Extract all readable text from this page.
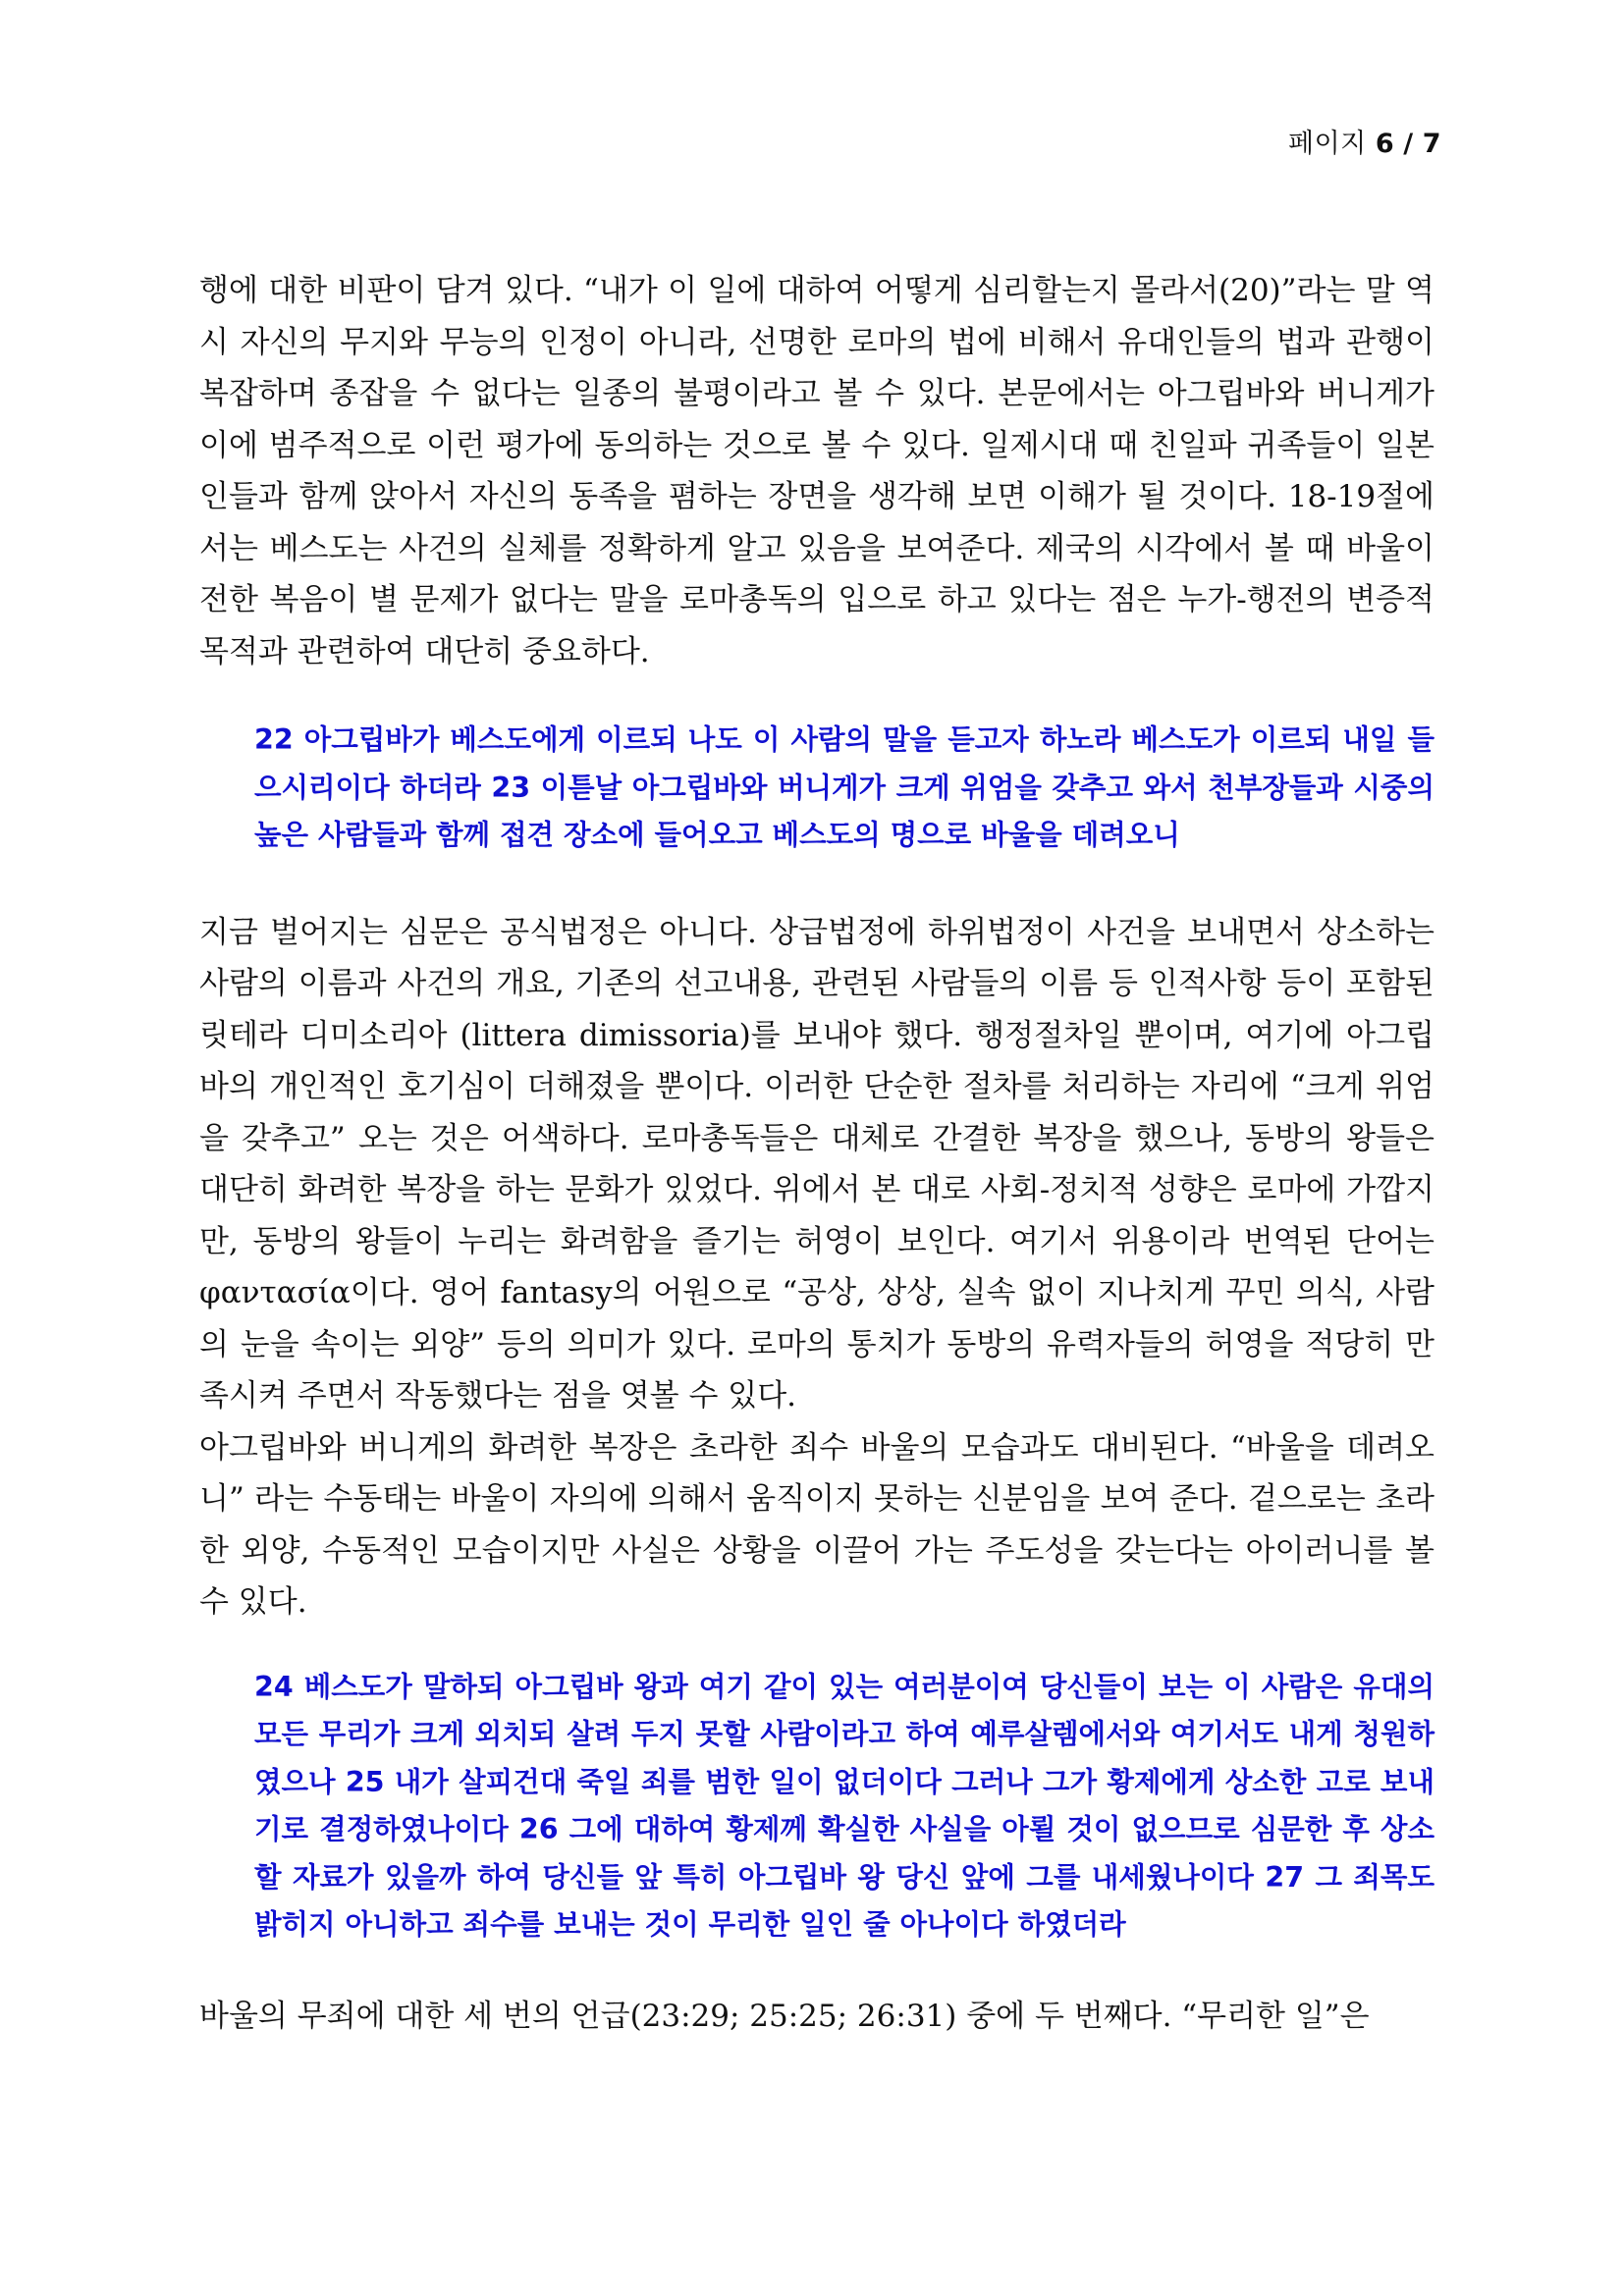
페이지 6 / 7

행에 대한 비판이 담겨 있다. “내가 이 일에 대하여 어떻게 심리할는지 몰라서(20)”라는 말 역시 자신의 무지와 무능의 인정이 아니라, 선명한 로마의 법에 비해서 유대인들의 법과 관행이 복잡하며 종잡을 수 없다는 일종의 불평이라고 볼 수 있다. 본문에서는 아그립바와 버니게가 이에 범주적으로 이런 평가에 동의하는 것으로 볼 수 있다. 일제시대 때 친일파 귀족들이 일본인들과 함께 앉아서 자신의 동족을 폄하는 장면을 생각해 보면 이해가 될 것이다. 18-19절에서는 베스도는 사건의 실체를 정확하게 알고 있음을 보여준다. 제국의 시각에서 볼 때 바울이 전한 복음이 별 문제가 없다는 말을 로마총독의 입으로 하고 있다는 점은 누가-행전의 변증적 목적과 관련하여 대단히 중요하다.

22 아그립바가 베스도에게 이르되 나도 이 사람의 말을 듣고자 하노라 베스도가 이르되 내일 들으시리이다 하더라 23 이튿날 아그립바와 버니게가 크게 위엄을 갖추고 와서 천부장들과 시중의 높은 사람들과 함께 접견 장소에 들어오고 베스도의 명으로 바울을 데려오니

지금 벌어지는 심문은 공식법정은 아니다. 상급법정에 하위법정이 사건을 보내면서 상소하는 사람의 이름과 사건의 개요, 기존의 선고내용, 관련된 사람들의 이름 등 인적사항 등이 포함된 릿테라 디미소리아 (littera dimissoria)를 보내야 했다. 행정절차일 뿐이며, 여기에 아그립바의 개인적인 호기심이 더해졌을 뿐이다. 이러한 단순한 절차를 처리하는 자리에 “크게 위엄을 갖추고” 오는 것은 어색하다. 로마총독들은 대체로 간결한 복장을 했으나, 동방의 왕들은 대단히 화려한 복장을 하는 문화가 있었다. 위에서 본 대로 사회-정치적 성향은 로마에 가깝지만, 동방의 왕들이 누리는 화려함을 즐기는 허영이 보인다. 여기서 위용이라 번역된 단어는 φαντασία이다. 영어 fantasy의 어원으로 “공상, 상상, 실속 없이 지나치게 꾸민 의식, 사람의 눈을 속이는 외양” 등의 의미가 있다. 로마의 통치가 동방의 유력자들의 허영을 적당히 만족시켜 주면서 작동했다는 점을 엿볼 수 있다.

아그립바와 버니게의 화려한 복장은 초라한 죄수 바울의 모습과도 대비된다. “바울을 데려오니” 라는 수동태는 바울이 자의에 의해서 움직이지 못하는 신분임을 보여 준다. 겉으로는 초라한 외양, 수동적인 모습이지만 사실은 상황을 이끌어 가는 주도성을 갖는다는 아이러니를 볼 수 있다.

24 베스도가 말하되 아그립바 왕과 여기 같이 있는 여러분이여 당신들이 보는 이 사람은 유대의 모든 무리가 크게 외치되 살려 두지 못할 사람이라고 하여 예루살렘에서와 여기서도 내게 청원하였으나 25 내가 살피건대 죽일 죄를 범한 일이 없더이다 그러나 그가 황제에게 상소한 고로 보내기로 결정하였나이다 26 그에 대하여 황제께 확실한 사실을 아뢸 것이 없으므로 심문한 후 상소할 자료가 있을까 하여 당신들 앞 특히 아그립바 왕 당신 앞에 그를 내세웠나이다 27 그 죄목도 밝히지 아니하고 죄수를 보내는 것이 무리한 일인 줄 아나이다 하였더라

바울의 무죄에 대한 세 번의 언급(23:29; 25:25; 26:31) 중에 두 번째다. “무리한 일”은
